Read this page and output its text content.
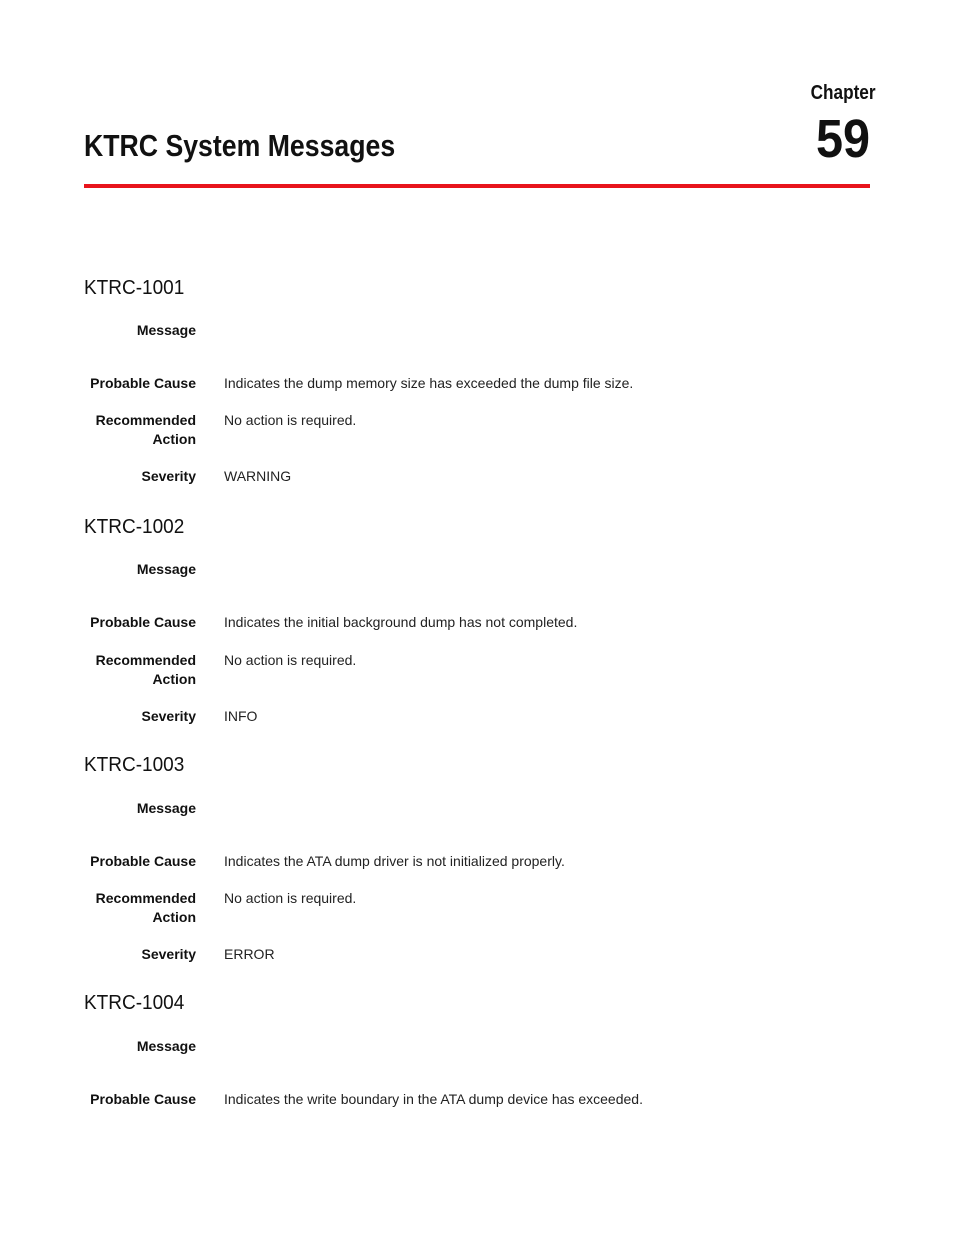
Chapter
59
KTRC System Messages
KTRC-1001
Message
Probable Cause Indicates the dump memory size has exceeded the dump file size.
Recommended
Action
No action is required.
Severity WARNING
KTRC-1002
Message
Probable Cause Indicates the initial background dump has not completed.
Recommended
Action
No action is required.
Severity INFO
KTRC-1003
Message
Probable Cause Indicates the ATA dump driver is not initialized properly.
Recommended
Action
No action is required.
Severity ERROR
KTRC-1004
Message
Probable Cause Indicates the write boundary in the ATA dump device has exceeded.
